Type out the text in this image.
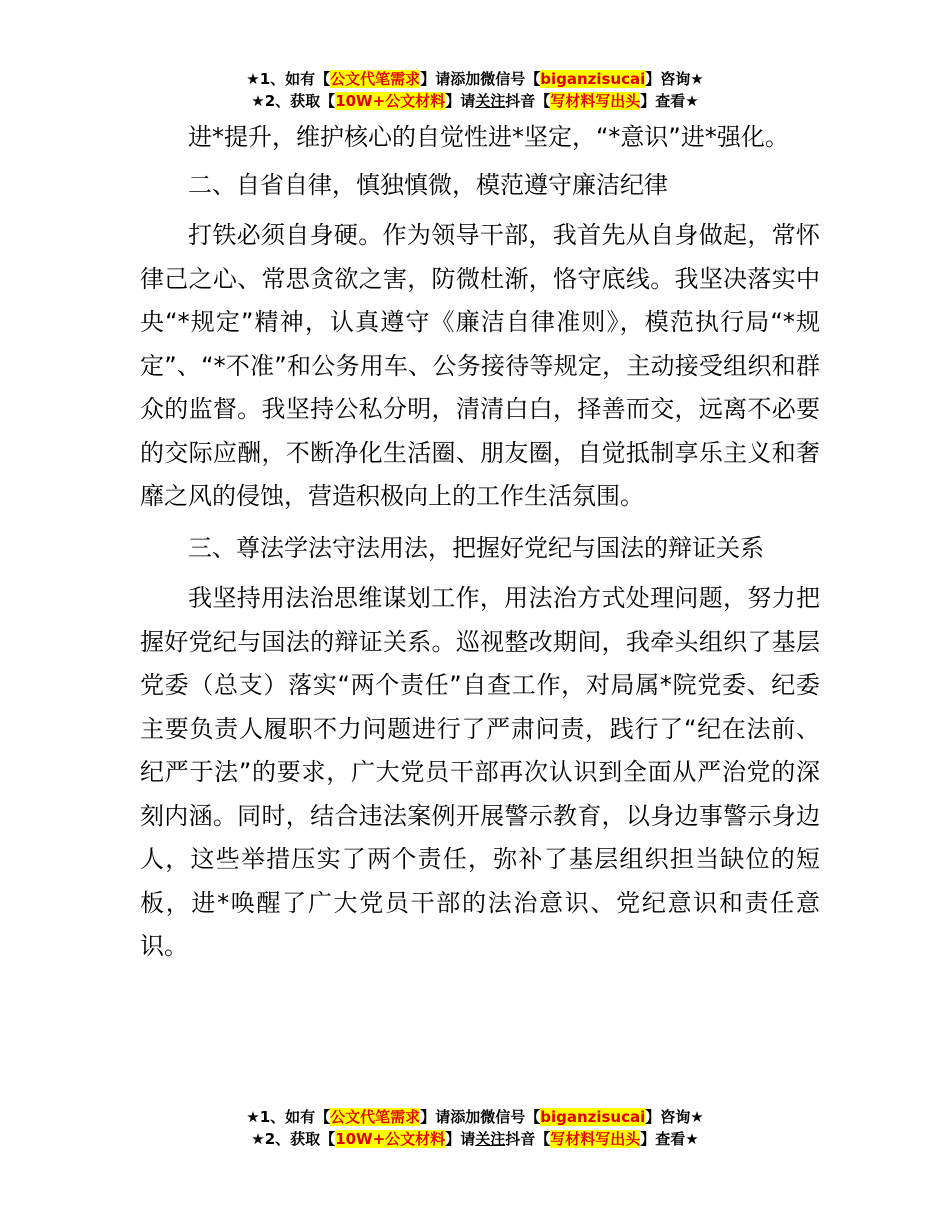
★1、如有【公文代笔需求】请添加微信号【biganzisucai】咨询★
★2、获取【10W+公文材料】请关注抖音【写材料写出头】查看★

进*提升，维护核心的自觉性进*坚定，“*意识”进*强化。

二、自省自律，慎独慎微，模范遵守廉洁纪律

打铁必须自身硬。作为领导干部，我首先从自身做起，常怀律己之心、常思贪欲之害，防微杜渐，恪守底线。我坚决落实中央“*规定”精神，认真遵守《廉洁自律准则》，模范执行局“*规定”、“*不准”和公务用车、公务接待等规定，主动接受组织和群众的监督。我坚持公私分明，清清白白，择善而交，远离不必要的交际应酬，不断净化生活圈、朋友圈，自觉抵制享乐主义和奢靡之风的侵蚀，营造积极向上的工作生活氛围。

三、尊法学法守法用法，把握好党纪与国法的辩证关系

我坚持用法治思维谋划工作，用法治方式处理问题，努力把握好党纪与国法的辩证关系。巡视整改期间，我牵头组织了基层党委（总支）落实“两个责任”自查工作，对局属*院党委、纪委主要负责人履职不力问题进行了严肃问责，践行了“纪在法前、纪严于法”的要求，广大党员干部再次认识到全面从严治党的深刻内涵。同时，结合违法案例开展警示教育，以身边事警示身边人，这些举措压实了两个责任，弥补了基层组织担当缺位的短板，进*唤醒了广大党员干部的法治意识、党纪意识和责任意识。

★1、如有【公文代笔需求】请添加微信号【biganzisucai】咨询★
★2、获取【10W+公文材料】请关注抖音【写材料写出头】查看★
